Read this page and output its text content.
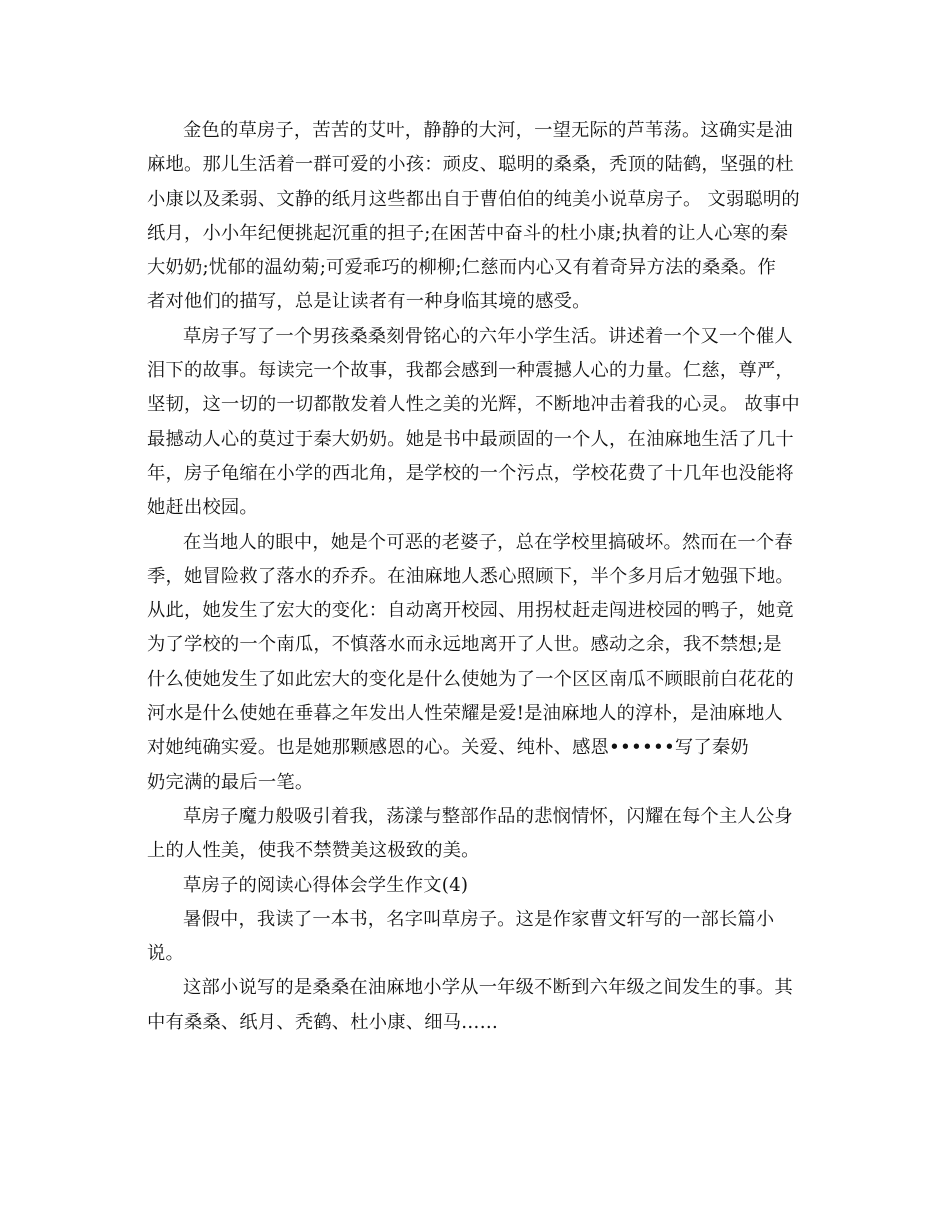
金色的草房子，苦苦的艾叶，静静的大河，一望无际的芦苇荡。这确实是油
麻地。那儿生活着一群可爱的小孩：顽皮、聪明的桑桑，秃顶的陆鹤，坚强的杜
小康以及柔弱、文静的纸月这些都出自于曹伯伯的纯美小说草房子。 文弱聪明的
纸月，小小年纪便挑起沉重的担子;在困苦中奋斗的杜小康;执着的让人心寒的秦
大奶奶;忧郁的温幼菊;可爱乖巧的柳柳;仁慈而内心又有着奇异方法的桑桑。作
者对他们的描写，总是让读者有一种身临其境的感受。
草房子写了一个男孩桑桑刻骨铭心的六年小学生活。讲述着一个又一个催人
泪下的故事。每读完一个故事，我都会感到一种震撼人心的力量。仁慈，尊严，
坚韧，这一切的一切都散发着人性之美的光辉，不断地冲击着我的心灵。 故事中
最撼动人心的莫过于秦大奶奶。她是书中最顽固的一个人，在油麻地生活了几十
年，房子龟缩在小学的西北角，是学校的一个污点，学校花费了十几年也没能将
她赶出校园。
在当地人的眼中，她是个可恶的老婆子，总在学校里搞破坏。然而在一个春
季，她冒险救了落水的乔乔。在油麻地人悉心照顾下，半个多月后才勉强下地。
从此，她发生了宏大的变化：自动离开校园、用拐杖赶走闯进校园的鸭子，她竟
为了学校的一个南瓜，不慎落水而永远地离开了人世。感动之余，我不禁想;是
什么使她发生了如此宏大的变化是什么使她为了一个区区南瓜不顾眼前白花花的
河水是什么使她在垂暮之年发出人性荣耀是爱!是油麻地人的淳朴，是油麻地人
对她纯确实爱。也是她那颗感恩的心。关爱、纯朴、感恩••••••写了秦奶
奶完满的最后一笔。
草房子魔力般吸引着我，荡漾与整部作品的悲悯情怀，闪耀在每个主人公身
上的人性美，使我不禁赞美这极致的美。
草房子的阅读心得体会学生作文(4)
暑假中，我读了一本书，名字叫草房子。这是作家曹文轩写的一部长篇小
说。
这部小说写的是桑桑在油麻地小学从一年级不断到六年级之间发生的事。其
中有桑桑、纸月、秃鹤、杜小康、细马……
